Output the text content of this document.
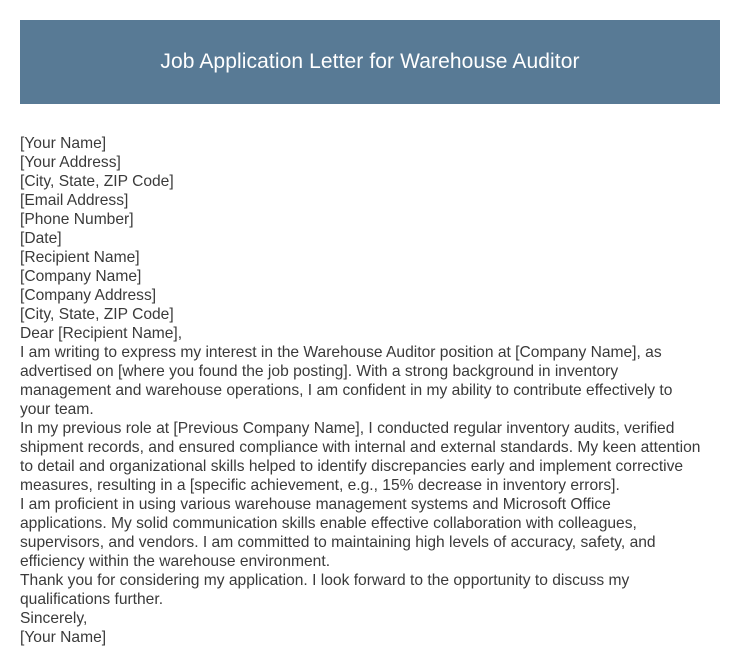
Job Application Letter for Warehouse Auditor
[Your Name]
[Your Address]
[City, State, ZIP Code]
[Email Address]
[Phone Number]
[Date]
[Recipient Name]
[Company Name]
[Company Address]
[City, State, ZIP Code]
Dear [Recipient Name],
I am writing to express my interest in the Warehouse Auditor position at [Company Name], as
advertised on [where you found the job posting]. With a strong background in inventory
management and warehouse operations, I am confident in my ability to contribute effectively to
your team.
In my previous role at [Previous Company Name], I conducted regular inventory audits, verified
shipment records, and ensured compliance with internal and external standards. My keen attention
to detail and organizational skills helped to identify discrepancies early and implement corrective
measures, resulting in a [specific achievement, e.g., 15% decrease in inventory errors].
I am proficient in using various warehouse management systems and Microsoft Office
applications. My solid communication skills enable effective collaboration with colleagues,
supervisors, and vendors. I am committed to maintaining high levels of accuracy, safety, and
efficiency within the warehouse environment.
Thank you for considering my application. I look forward to the opportunity to discuss my
qualifications further.
Sincerely,
[Your Name]
